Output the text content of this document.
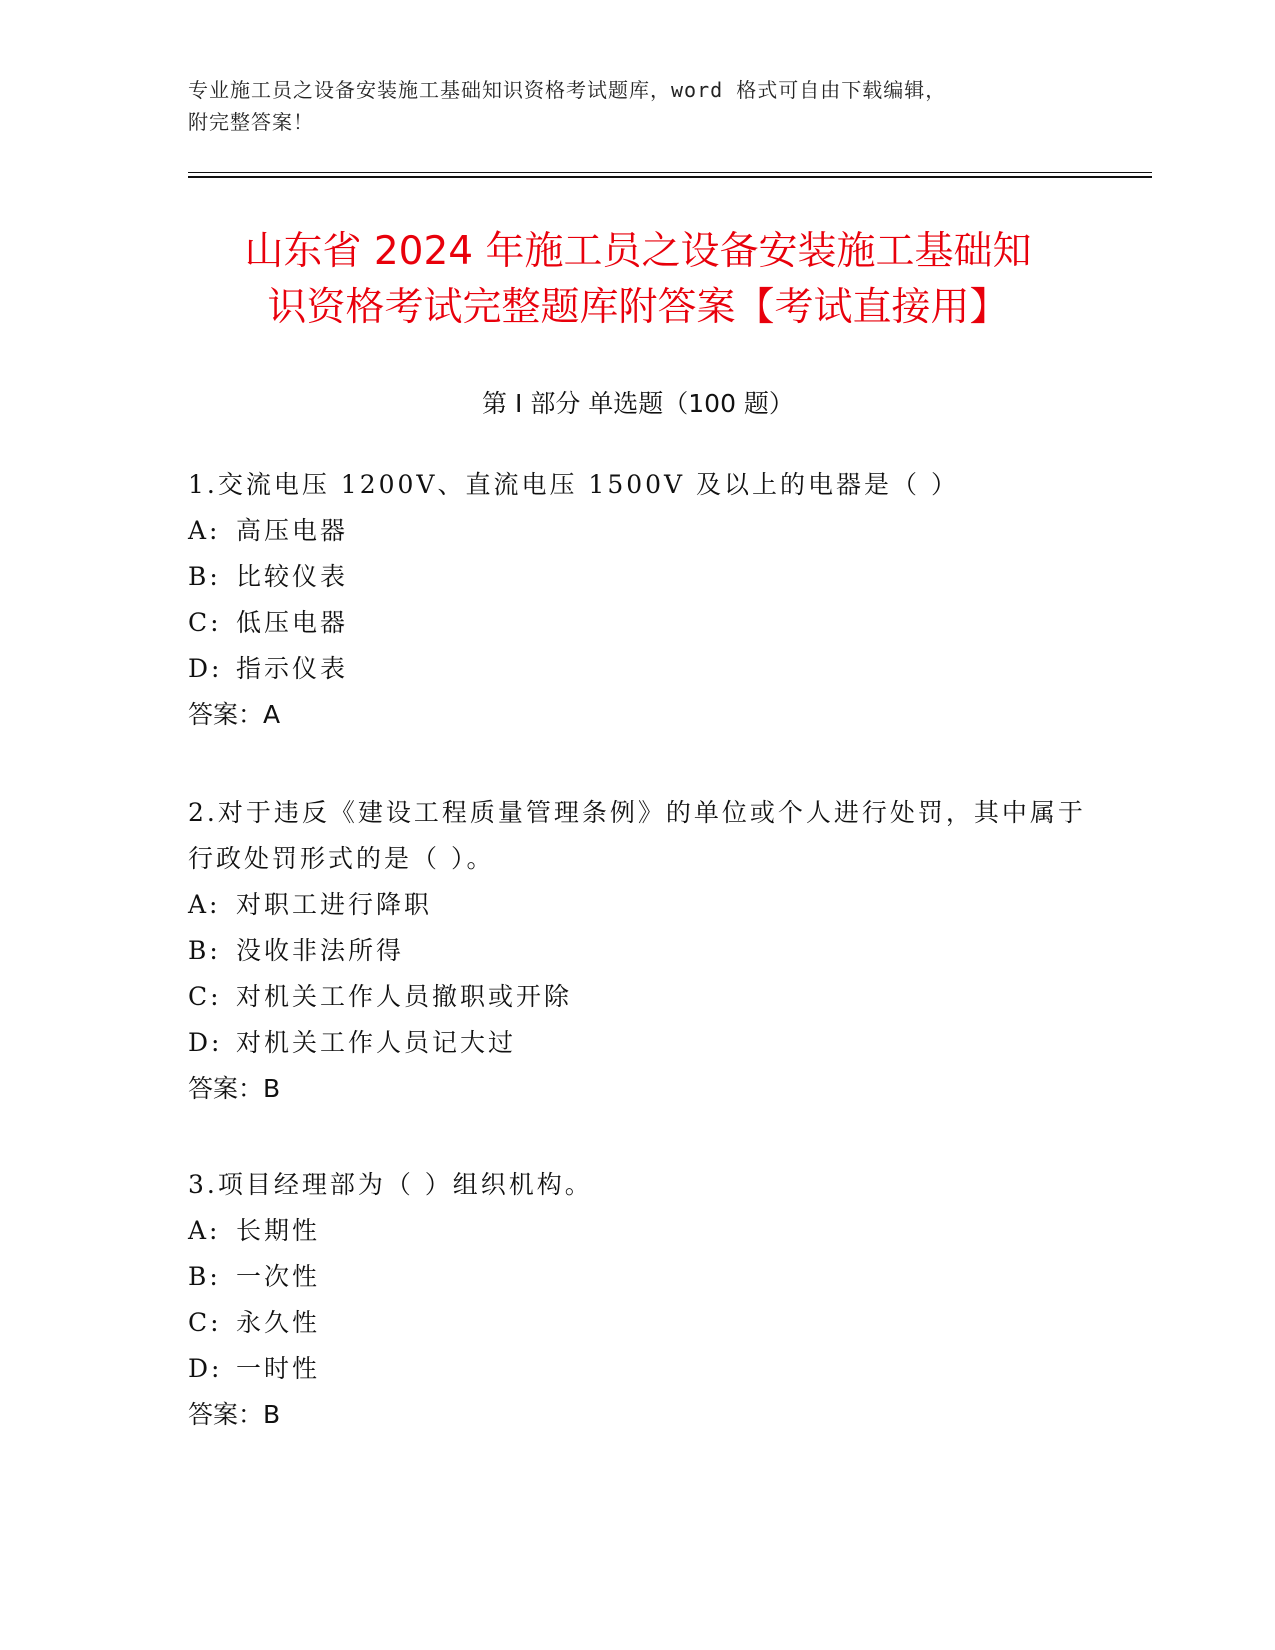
专业施工员之设备安装施工基础知识资格考试题库，word 格式可自由下载编辑，
附完整答案！
山东省 2024 年施工员之设备安装施工基础知
识资格考试完整题库附答案【考试直接用】
第 I 部分 单选题（100 题）

1.交流电压 1200V、直流电压 1500V 及以上的电器是（ ）

A: 高压电器

B: 比较仪表

C: 低压电器

D: 指示仪表

答案：A

2.对于违反《建设工程质量管理条例》的单位或个人进行处罚，其中属于行政处罚形式的是（ ）。

A: 对职工进行降职

B: 没收非法所得

C: 对机关工作人员撤职或开除

D: 对机关工作人员记大过

答案：B

3.项目经理部为（ ）组织机构。

A: 长期性

B: 一次性

C: 永久性

D: 一时性

答案：B
